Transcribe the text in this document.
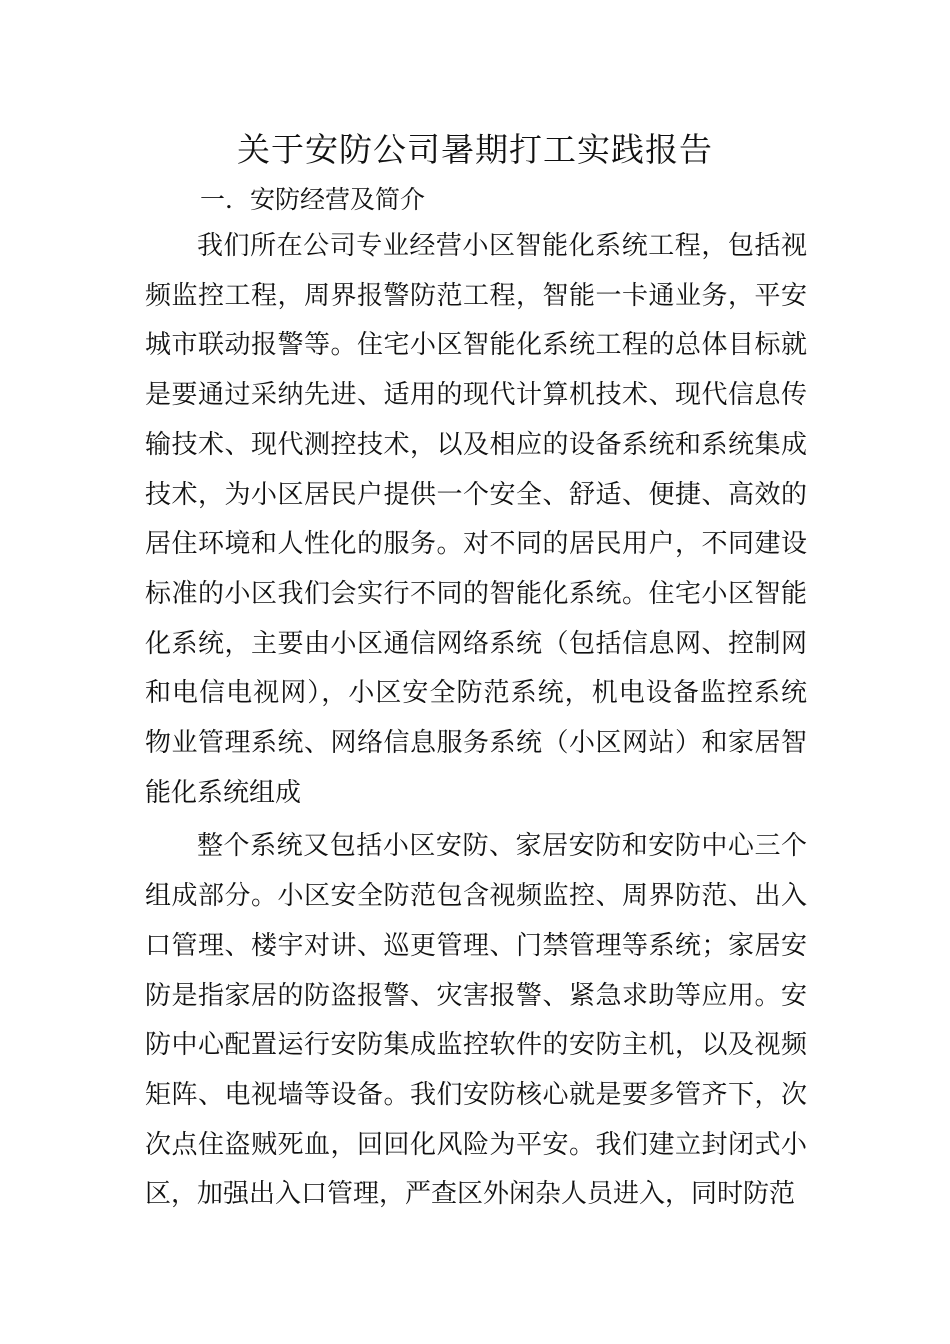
关于安防公司暑期打工实践报告
一．安防经营及简介

我们所在公司专业经营小区智能化系统工程，包括视频监控工程，周界报警防范工程，智能一卡通业务，平安城市联动报警等。住宅小区智能化系统工程的总体目标就是要通过采纳先进、适用的现代计算机技术、现代信息传输技术、现代测控技术，以及相应的设备系统和系统集成技术，为小区居民户提供一个安全、舒适、便捷、高效的居住环境和人性化的服务。对不同的居民用户，不同建设标准的小区我们会实行不同的智能化系统。住宅小区智能化系统，主要由小区通信网络系统（包括信息网、控制网和电信电视网），小区安全防范系统，机电设备监控系统物业管理系统、网络信息服务系统（小区网站）和家居智能化系统组成

整个系统又包括小区安防、家居安防和安防中心三个组成部分。小区安全防范包含视频监控、周界防范、出入口管理、楼宇对讲、巡更管理、门禁管理等系统；家居安防是指家居的防盗报警、灾害报警、紧急求助等应用。安防中心配置运行安防集成监控软件的安防主机，以及视频矩阵、电视墙等设备。我们安防核心就是要多管齐下，次次点住盗贼死血，回回化风险为平安。我们建立封闭式小区，加强出入口管理，严查区外闲杂人员进入，同时防范
